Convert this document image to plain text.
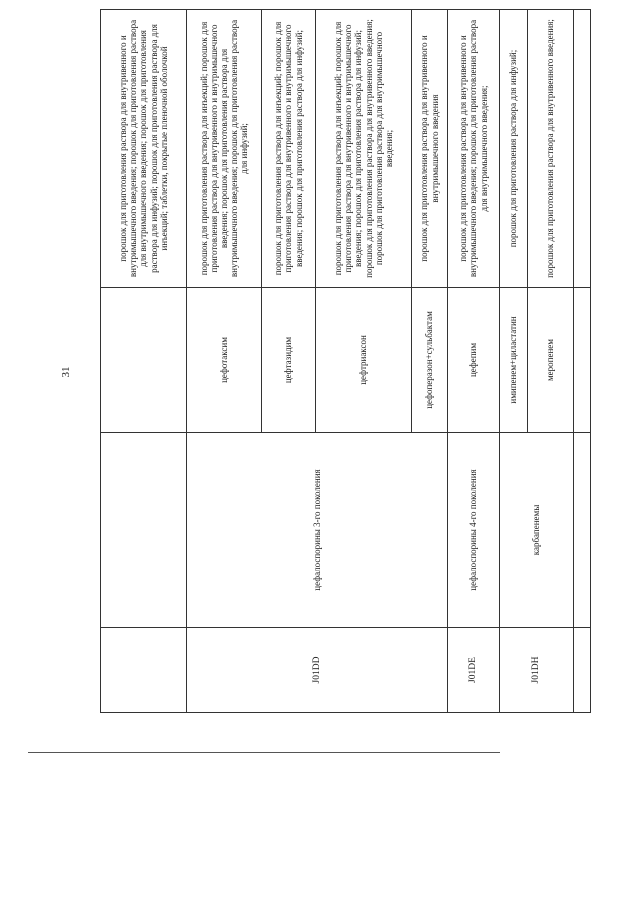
31
			порошок для приготовления раствора для внутривенного и внутримышечного введения; порошок для приготовления раствора для внутримышечного введения; порошок для приготовления раствора для инфузий; порошок для приготовления раствора для инъекций; таблетки, покрытые пленочной оболочкой
J01DD	цефалоспорины 3-го поколения	цефотаксим	порошок для приготовления раствора для инъекций; порошок для приготовления раствора для внутривенного и внутримышечного введения; порошок для приготовления раствора для внутримышечного введения; порошок для приготовления раствора для инфузий;
		цефтазидим	порошок для приготовления раствора для инъекций; порошок для приготовления раствора для внутривенного и внутримышечного введения; порошок для приготовления раствора для инфузий;
		цефтриаксон	порошок для приготовления раствора для инъекций; порошок для приготовления раствора для внутривенного и внутримышечного введения; порошок для приготовления раствора для инфузий; порошок для приготовления раствора для внутривенного введения; порошок для приготовления раствора для внутримышечного введения;
		цефоперазон+сульбактам	порошок для приготовления раствора для внутривенного и внутримышечного введения
J01DE	цефалоспорины 4-го поколения	цефепим	порошок для приготовления раствора для внутривенного и внутримышечного введения; порошок для приготовления раствора для внутримышечного введения;
J01DH	карбапенемы	имипенем+циластатин	порошок для приготовления раствора для инфузий;
		меропенем	порошок для приготовления раствора для внутривенного введения;
